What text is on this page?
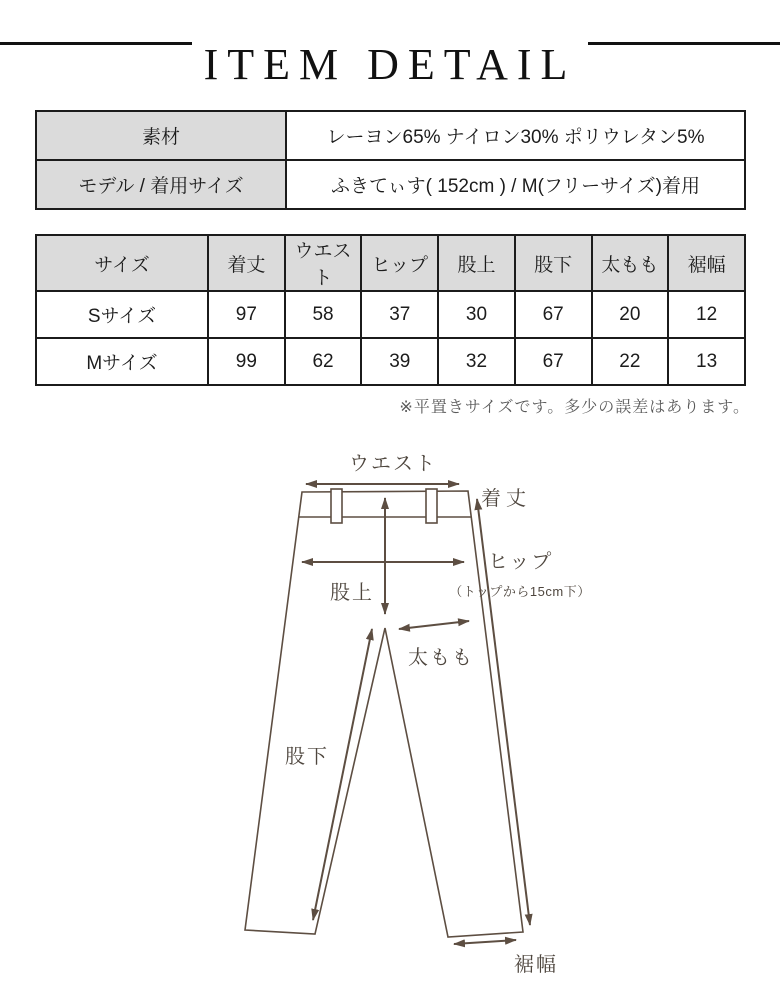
ITEM DETAIL
素材	レーヨン65% ナイロン30% ポリウレタン5%
モデル / 着用サイズ	ふきてぃす( 152cm ) / M(フリーサイズ)着用
サイズ	着丈	ウエスト	ヒップ	股上	股下	太もも	裾幅
Sサイズ	97	58	37	30	67	20	12
Mサイズ	99	62	39	32	67	22	13
※平置きサイズです。多少の誤差はあります。
ウエスト
着丈
ヒップ
（トップから15cm下）
股上
太もも
股下
裾幅
